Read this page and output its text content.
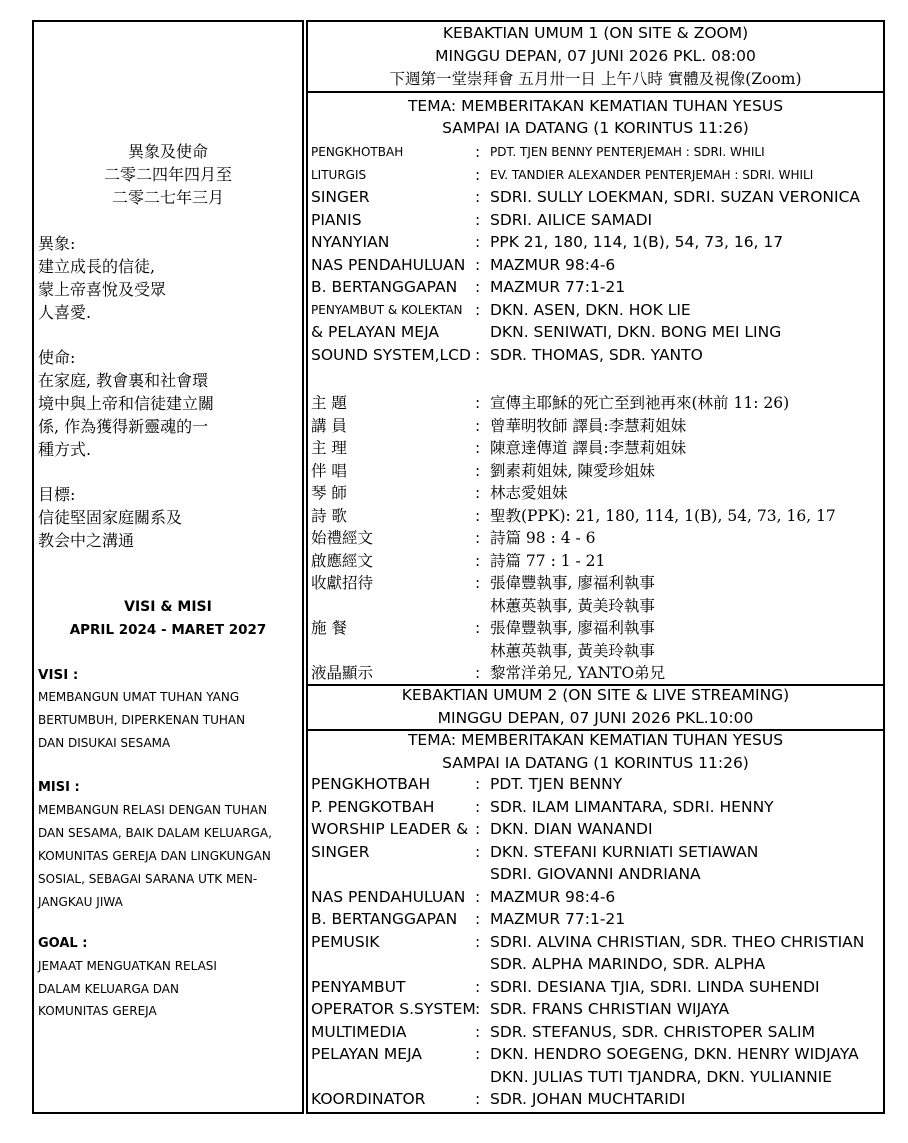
異象及使命
二零二四年四月至
二零二七年三月
異象:
建立成長的信徒,
蒙上帝喜悅及受眾
人喜愛.
使命:
在家庭, 教會裏和社會環
境中與上帝和信徒建立關
係, 作為獲得新靈魂的一
種方式.
目標:
信徒堅固家庭關系及
教会中之溝通
VISI & MISI
APRIL 2024 - MARET 2027
VISI :
MEMBANGUN UMAT TUHAN YANG
BERTUMBUH, DIPERKENAN TUHAN
DAN DISUKAI SESAMA
MISI :
MEMBANGUN RELASI DENGAN TUHAN
DAN SESAMA, BAIK DALAM KELUARGA,
KOMUNITAS GEREJA DAN LINGKUNGAN
SOSIAL, SEBAGAI SARANA UTK MEN-
JANGKAU JIWA
GOAL :
JEMAAT MENGUATKAN RELASI
DALAM KELUARGA DAN
KOMUNITAS GEREJA
KEBAKTIAN UMUM 1 (ON SITE & ZOOM)
MINGGU DEPAN, 07 JUNI 2026 PKL. 08:00
下週第一堂崇拜會 五月卅一日 上午八時 實體及視像(Zoom)
TEMA: MEMBERITAKAN KEMATIAN TUHAN YESUS
SAMPAI IA DATANG (1 KORINTUS 11:26)
PENGKHOTBAH	: PDT. TJEN BENNY PENTERJEMAH : SDRI. WHILI
LITURGIS	: EV. TANDIER ALEXANDER PENTERJEMAH : SDRI. WHILI
SINGER	: SDRI. SULLY LOEKMAN, SDRI. SUZAN VERONICA
PIANIS	: SDRI. AILICE SAMADI
NYANYIAN	: PPK 21, 180, 114, 1(B), 54, 73, 16, 17
NAS PENDAHULUAN : MAZMUR 98:4-6
B. BERTANGGAPAN : MAZMUR 77:1-21
PENYAMBUT & KOLEKTAN : DKN. ASEN, DKN. HOK LIE
& PELAYAN MEJA	DKN. SENIWATI, DKN. BONG MEI LING
SOUND SYSTEM,LCD : SDR. THOMAS, SDR. YANTO
主 題	: 宣傳主耶穌的死亡至到祂再來(林前 11: 26)
講 員	: 曾華明牧師 譯員:李慧莉姐妹
主 理	: 陳意達傳道 譯員:李慧莉姐妹
伴 唱	: 劉素莉姐妹, 陳愛珍姐妹
琴 師	: 林志愛姐妹
詩 歌	: 聖教(PPK): 21, 180, 114, 1(B), 54, 73, 16, 17
始禮經文	: 詩篇 98 : 4 - 6
啟應經文	: 詩篇 77 : 1 - 21
收獻招待	: 張偉豐執事, 廖福利執事
林蕙英執事, 黃美玲執事
施 餐	: 張偉豐執事, 廖福利執事
林蕙英執事, 黃美玲執事
液晶顯示	: 黎常洋弟兄, YANTO弟兄
KEBAKTIAN UMUM 2 (ON SITE & LIVE STREAMING)
MINGGU DEPAN, 07 JUNI 2026 PKL.10:00
TEMA: MEMBERITAKAN KEMATIAN TUHAN YESUS
SAMPAI IA DATANG (1 KORINTUS 11:26)
PENGKHOTBAH	: PDT. TJEN BENNY
P. PENGKOTBAH	: SDR. ILAM LIMANTARA, SDRI. HENNY
WORSHIP LEADER & : DKN. DIAN WANANDI
SINGER	: DKN. STEFANI KURNIATI SETIAWAN
SDRI. GIOVANNI ANDRIANA
NAS PENDAHULUAN : MAZMUR 98:4-6
B. BERTANGGAPAN : MAZMUR 77:1-21
PEMUSIK	: SDRI. ALVINA CHRISTIAN, SDR. THEO CHRISTIAN
SDR. ALPHA MARINDO, SDR. ALPHA
PENYAMBUT	: SDRI. DESIANA TJIA, SDRI. LINDA SUHENDI
OPERATOR S.SYSTEM : SDR. FRANS CHRISTIAN WIJAYA
MULTIMEDIA	: SDR. STEFANUS, SDR. CHRISTOPER SALIM
PELAYAN MEJA	: DKN. HENDRO SOEGENG, DKN. HENRY WIDJAYA
DKN. JULIAS TUTI TJANDRA, DKN. YULIANNIE
KOORDINATOR	: SDR. JOHAN MUCHTARIDI
